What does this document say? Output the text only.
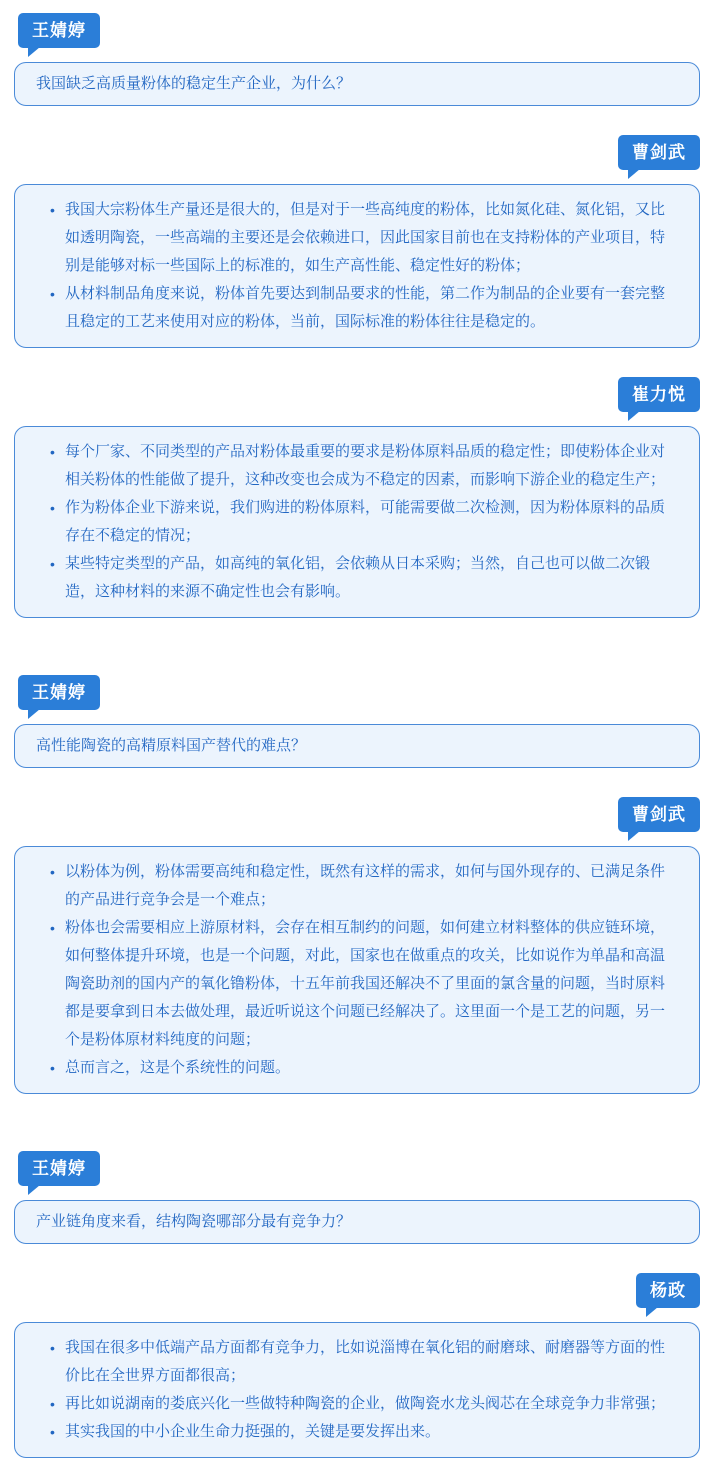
王婧婷

我国缺乏高质量粉体的稳定生产企业，为什么？

曹剑武
• 我国大宗粉体生产量还是很大的，但是对于一些高纯度的粉体，比如氮化硅、氮化铝，又比如透明陶瓷，一些高端的主要还是会依赖进口，因此国家目前也在支持粉体的产业项目，特别是能够对标一些国际上的标准的，如生产高性能、稳定性好的粉体；
• 从材料制品角度来说，粉体首先要达到制品要求的性能，第二作为制品的企业要有一套完整且稳定的工艺来使用对应的粉体，当前，国际标准的粉体往往是稳定的。
崔力悦
• 每个厂家、不同类型的产品对粉体最重要的要求是粉体原料品质的稳定性；即使粉体企业对相关粉体的性能做了提升，这种改变也会成为不稳定的因素，而影响下游企业的稳定生产；
• 作为粉体企业下游来说，我们购进的粉体原料，可能需要做二次检测，因为粉体原料的品质存在不稳定的情况；
• 某些特定类型的产品，如高纯的氧化铝，会依赖从日本采购；当然，自己也可以做二次锻造，这种材料的来源不确定性也会有影响。
王婧婷

高性能陶瓷的高精原料国产替代的难点？

曹剑武
• 以粉体为例，粉体需要高纯和稳定性，既然有这样的需求，如何与国外现存的、已满足条件的产品进行竞争会是一个难点；
• 粉体也会需要相应上游原材料，会存在相互制约的问题，如何建立材料整体的供应链环境，如何整体提升环境，也是一个问题，对此，国家也在做重点的攻关，比如说作为单晶和高温陶瓷助剂的国内产的氧化镥粉体，十五年前我国还解决不了里面的氯含量的问题，当时原料都是要拿到日本去做处理，最近听说这个问题已经解决了。这里面一个是工艺的问题，另一个是粉体原材料纯度的问题；
• 总而言之，这是个系统性的问题。
王婧婷

产业链角度来看，结构陶瓷哪部分最有竞争力？

杨政
• 我国在很多中低端产品方面都有竞争力，比如说淄博在氧化铝的耐磨球、耐磨器等方面的性价比在全世界方面都很高；
• 再比如说湖南的娄底兴化一些做特种陶瓷的企业，做陶瓷水龙头阀芯在全球竞争力非常强；
• 其实我国的中小企业生命力挺强的，关键是要发挥出来。
